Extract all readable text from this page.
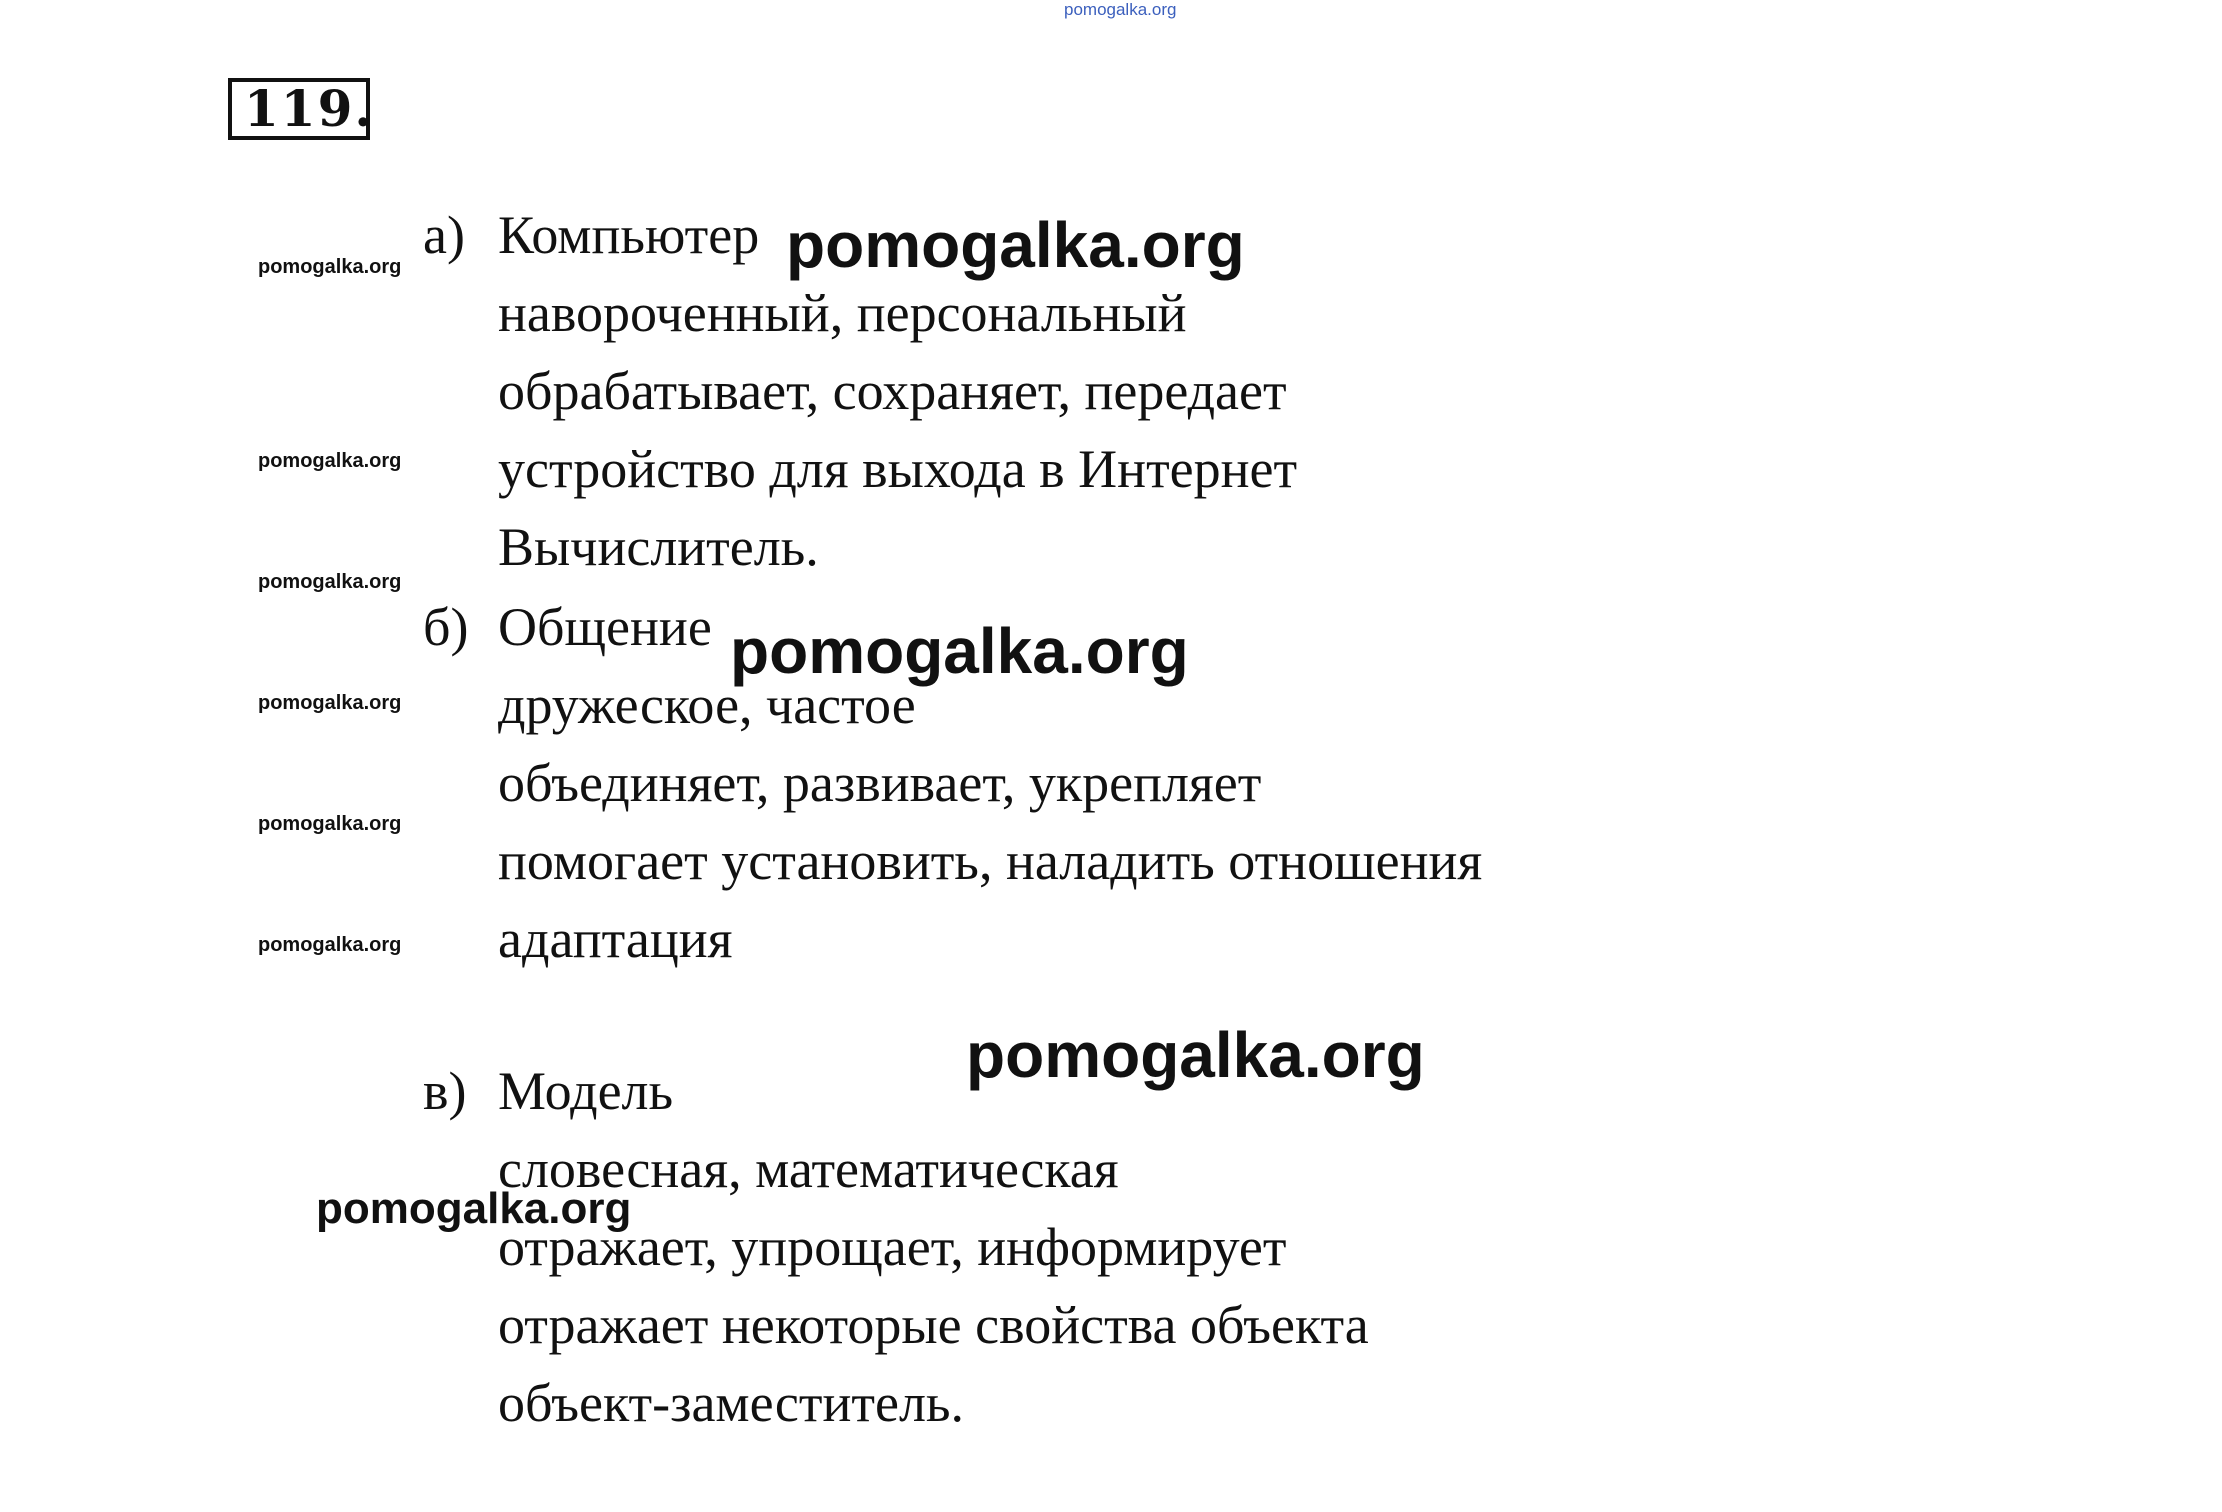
pomogalka.org
119.
а) Компьютер
навороченный, персональный
обрабатывает, сохраняет, передает
устройство для выхода в Интернет
Вычислитель.
б) Общение
дружеское, частое
объединяет, развивает, укрепляет
помогает установить, наладить отношения
адаптация
в) Модель
словесная, математическая
отражает, упрощает, информирует
отражает некоторые свойства объекта
объект-заместитель.
pomogalka.org
pomogalka.org
pomogalka.org
pomogalka.org
pomogalka.org
pomogalka.org
pomogalka.org
pomogalka.org
pomogalka.org
pomogalka.org
